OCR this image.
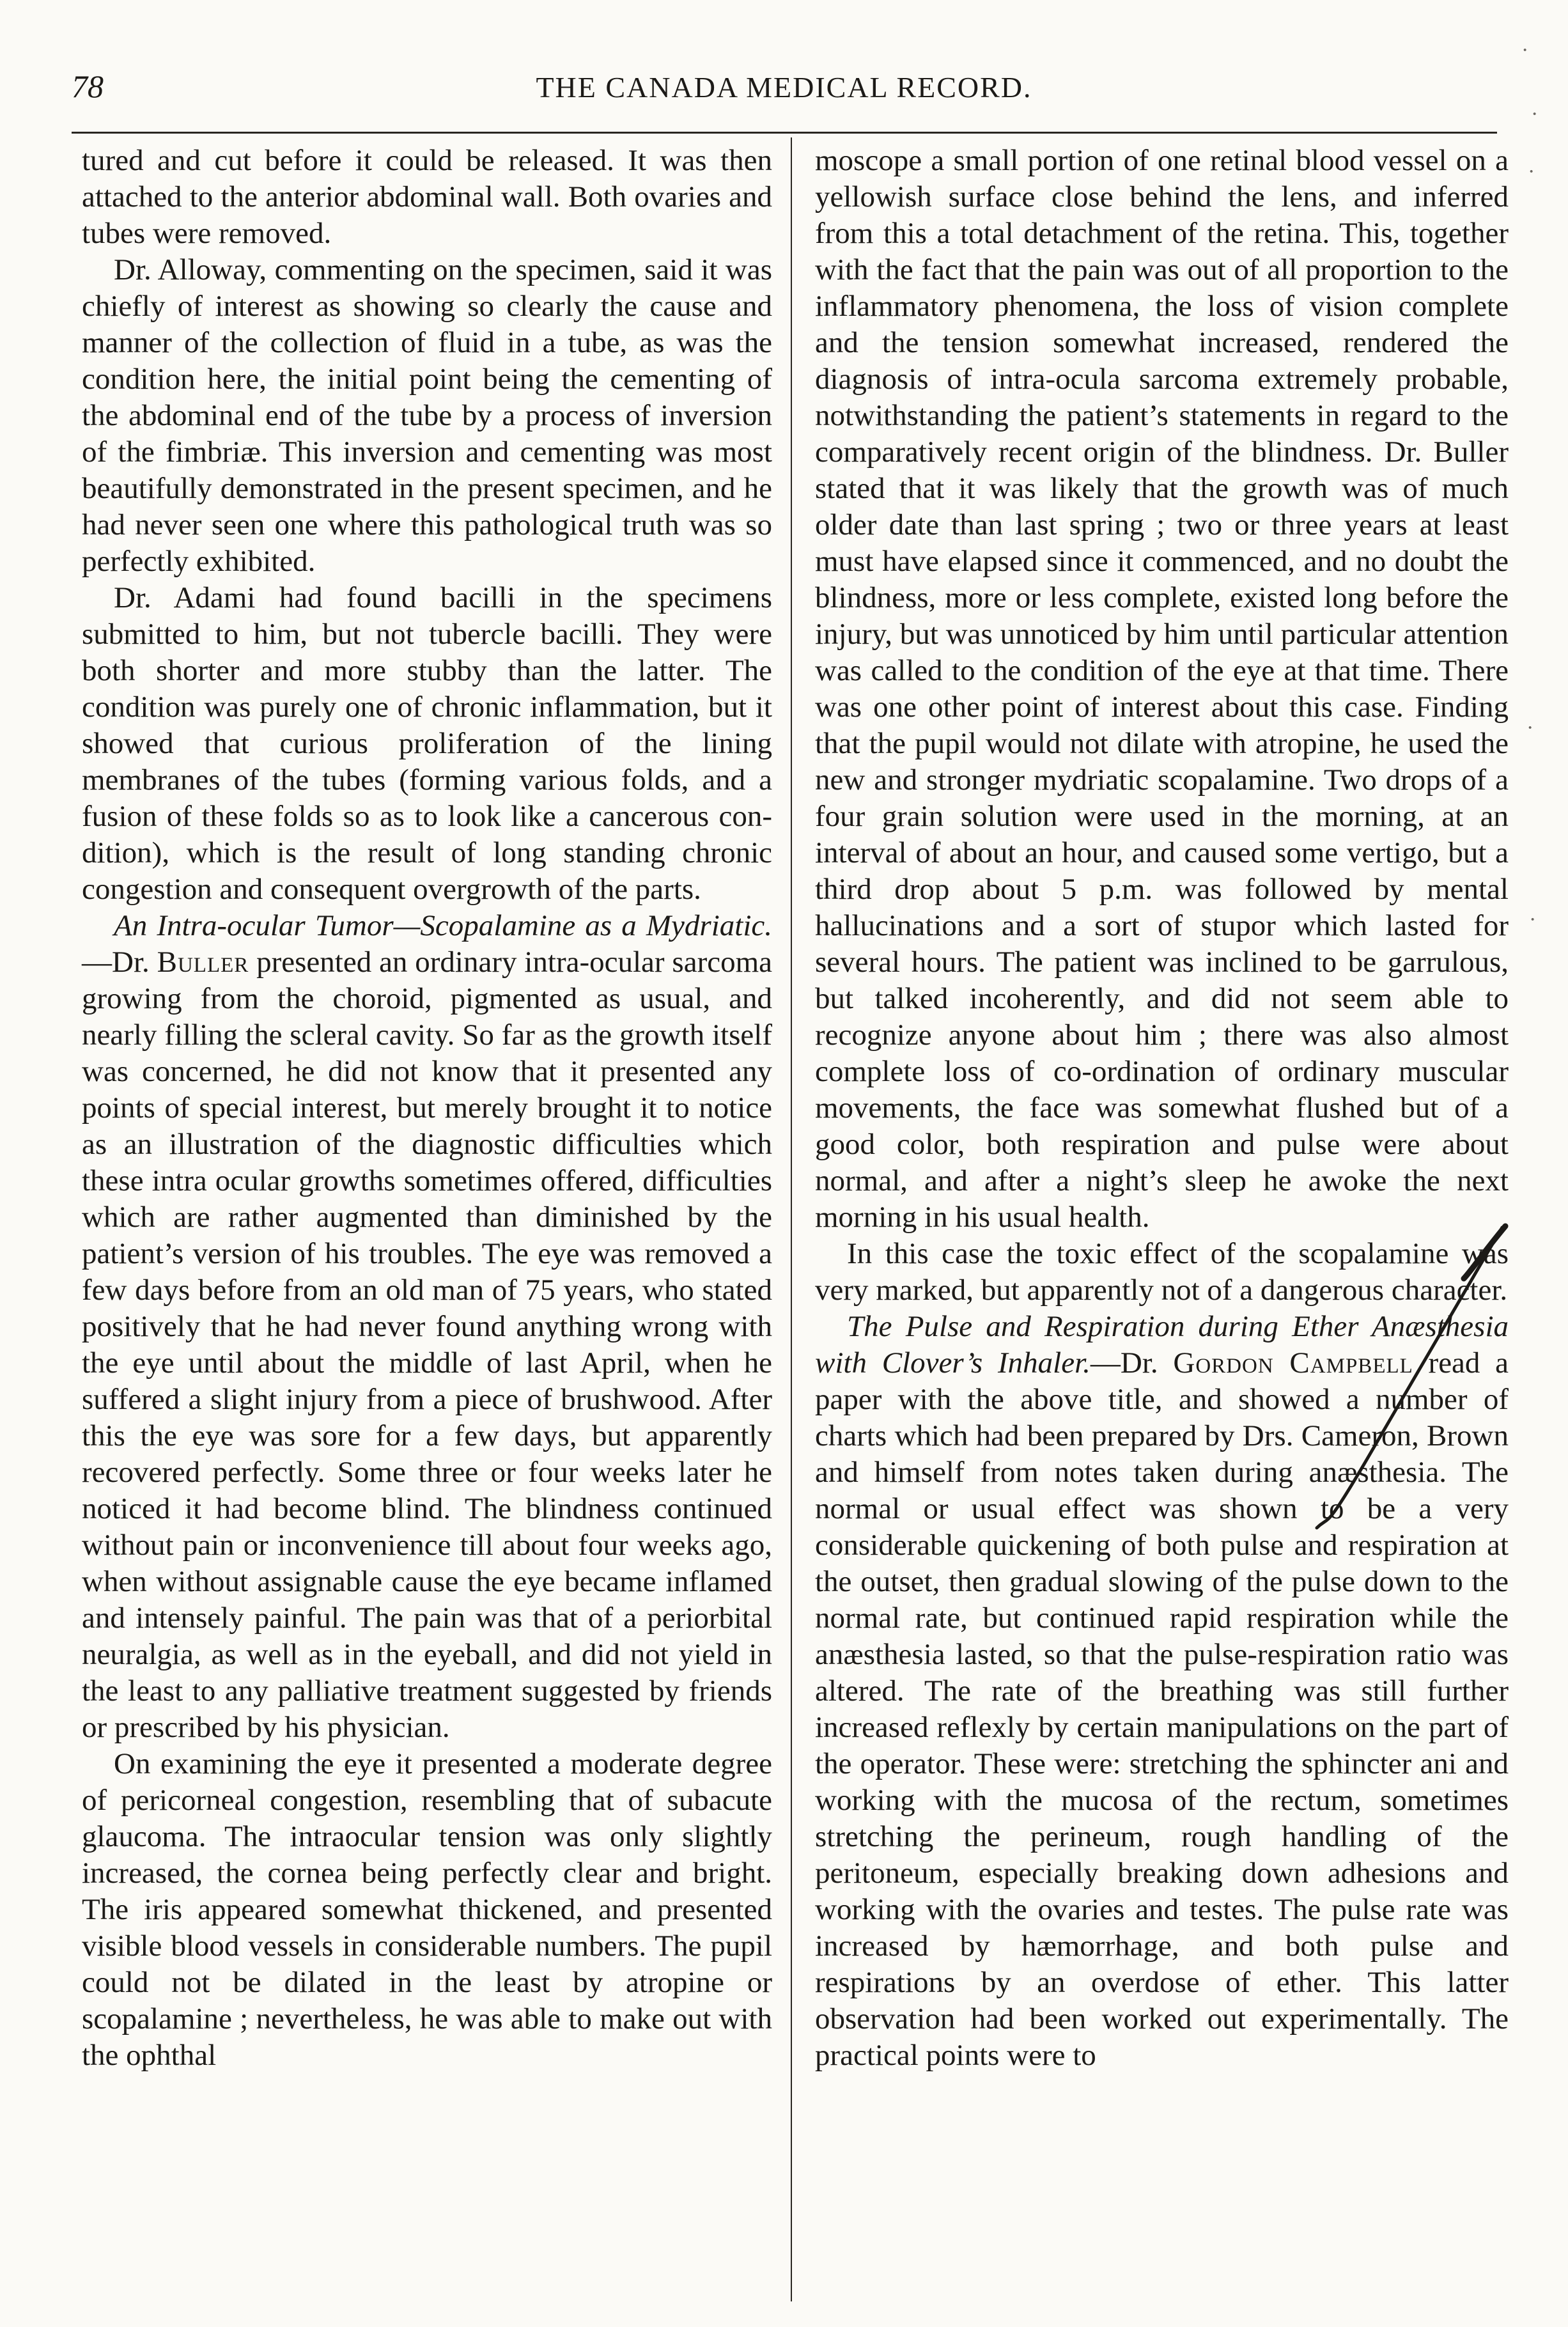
78	THE CANADA MEDICAL RECORD.

tured and cut before it could be released. It was then attached to the anterior abdominal wall. Both ovaries and tubes were removed.

Dr. Alloway, commenting on the specimen, said it was chiefly of interest as showing so clearly the cause and manner of the collection of fluid in a tube, as was the condition here, the initial point being the cementing of the abdominal end of the tube by a process of inversion of the fimbriæ. This inversion and cementing was most beautifully demonstrated in the present specimen, and he had never seen one where this pathological truth was so perfectly exhibited.

Dr. Adami had found bacilli in the specimens submitted to him, but not tubercle bacilli. They were both shorter and more stubby than the latter. The condition was purely one of chronic inflammation, but it showed that curious proliferation of the lining membranes of the tubes (forming various folds, and a fusion of these folds so as to look like a cancerous condition), which is the result of long standing chronic congestion and consequent overgrowth of the parts.

An Intra-ocular Tumor—Scopalamine as a Mydriatic.—Dr. Buller presented an ordinary intra-ocular sarcoma growing from the choroid, pigmented as usual, and nearly filling the scleral cavity. So far as the growth itself was concerned, he did not know that it presented any points of special interest, but merely brought it to notice as an illustration of the diagnostic difficulties which these intra ocular growths sometimes offered, difficulties which are rather augmented than diminished by the patient’s version of his troubles. The eye was removed a few days before from an old man of 75 years, who stated positively that he had never found anything wrong with the eye until about the middle of last April, when he suffered a slight injury from a piece of brushwood. After this the eye was sore for a few days, but apparently recovered perfectly. Some three or four weeks later he noticed it had become blind. The blindness continued without pain or inconvenience till about four weeks ago, when without assignable cause the eye became inflamed and intensely painful. The pain was that of a periorbital neuralgia, as well as in the eyeball, and did not yield in the least to any palliative treatment suggested by friends or prescribed by his physician.

On examining the eye it presented a moderate degree of pericorneal congestion, resembling that of subacute glaucoma. The intraocular tension was only slightly increased, the cornea being perfectly clear and bright. The iris appeared somewhat thickened, and presented visible blood vessels in considerable numbers. The pupil could not be dilated in the least by atropine or scopalamine ; nevertheless, he was able to make out with the ophthal

moscope a small portion of one retinal blood vessel on a yellowish surface close behind the lens, and inferred from this a total detachment of the retina. This, together with the fact that the pain was out of all proportion to the inflammatory phenomena, the loss of vision complete and the tension somewhat increased, rendered the diagnosis of intra-ocula sarcoma extremely probable, notwithstanding the patient’s statements in regard to the comparatively recent origin of the blindness. Dr. Buller stated that it was likely that the growth was of much older date than last spring ; two or three years at least must have elapsed since it commenced, and no doubt the blindness, more or less complete, existed long before the injury, but was unnoticed by him until particular attention was called to the condition of the eye at that time. There was one other point of interest about this case. Finding that the pupil would not dilate with atropine, he used the new and stronger mydriatic scopalamine. Two drops of a four grain solution were used in the morning, at an interval of about an hour, and caused some vertigo, but a third drop about 5 p.m. was followed by mental hallucinations and a sort of stupor which lasted for several hours. The patient was inclined to be garrulous, but talked incoherently, and did not seem able to recognize anyone about him ; there was also almost complete loss of co-ordination of ordinary muscular movements, the face was somewhat flushed but of a good color, both respiration and pulse were about normal, and after a night’s sleep he awoke the next morning in his usual health.

In this case the toxic effect of the scopalamine was very marked, but apparently not of a dangerous character.

The Pulse and Respiration during Ether Anæsthesia with Clover’s Inhaler.—Dr. Gordon Campbell read a paper with the above title, and showed a number of charts which had been prepared by Drs. Cameron, Brown and himself from notes taken during anæsthesia. The normal or usual effect was shown to be a very considerable quickening of both pulse and respiration at the outset, then gradual slowing of the pulse down to the normal rate, but continued rapid respiration while the anæsthesia lasted, so that the pulse-respiration ratio was altered. The rate of the breathing was still further increased reflexly by certain manipulations on the part of the operator. These were: stretching the sphincter ani and working with the mucosa of the rectum, sometimes stretching the perineum, rough handling of the peritoneum, especially breaking down adhesions and working with the ovaries and testes. The pulse rate was increased by hæmorrhage, and both pulse and respirations by an overdose of ether. This latter observation had been worked out experimentally. The practical points were to

·
·
·
·
·
